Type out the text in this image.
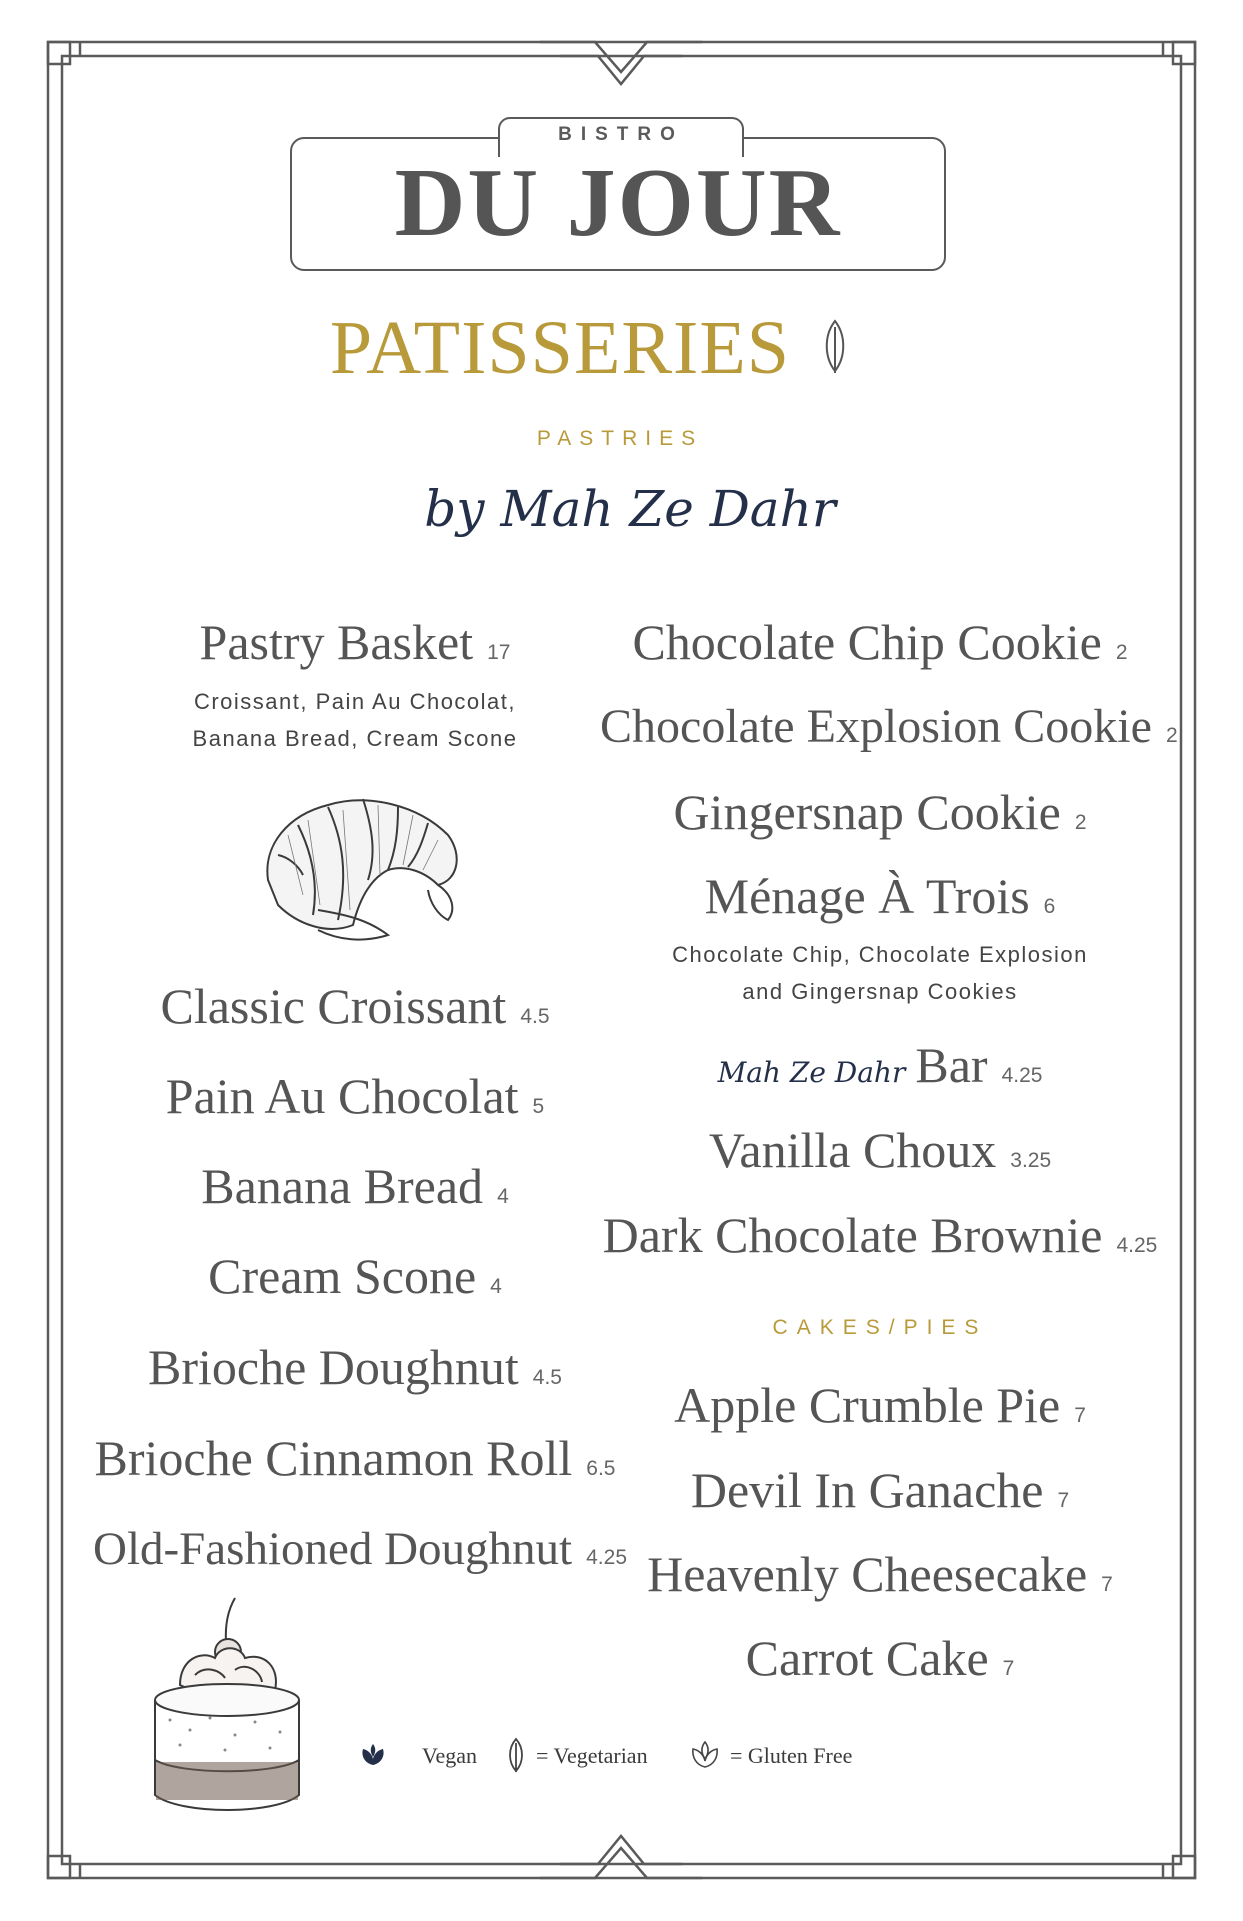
BISTRO
DU JOUR
PATISSERIES
PASTRIES
by Mah Ze Dahr
Pastry Basket 17
Croissant, Pain Au Chocolat,
Banana Bread, Cream Scone
Classic Croissant 4.5
Pain Au Chocolat 5
Banana Bread 4
Cream Scone 4
Brioche Doughnut 4.5
Brioche Cinnamon Roll 6.5
Old-Fashioned Doughnut 4.25
Chocolate Chip Cookie 2
Chocolate Explosion Cookie 2
Gingersnap Cookie 2
Ménage À Trois 6
Chocolate Chip, Chocolate Explosion
and Gingersnap Cookies
Mah Ze Dahr Bar 4.25
Vanilla Choux 3.25
Dark Chocolate Brownie 4.25
CAKES/PIES
Apple Crumble Pie 7
Devil In Ganache 7
Heavenly Cheesecake 7
Carrot Cake 7
Vegan	= Vegetarian	= Gluten Free
